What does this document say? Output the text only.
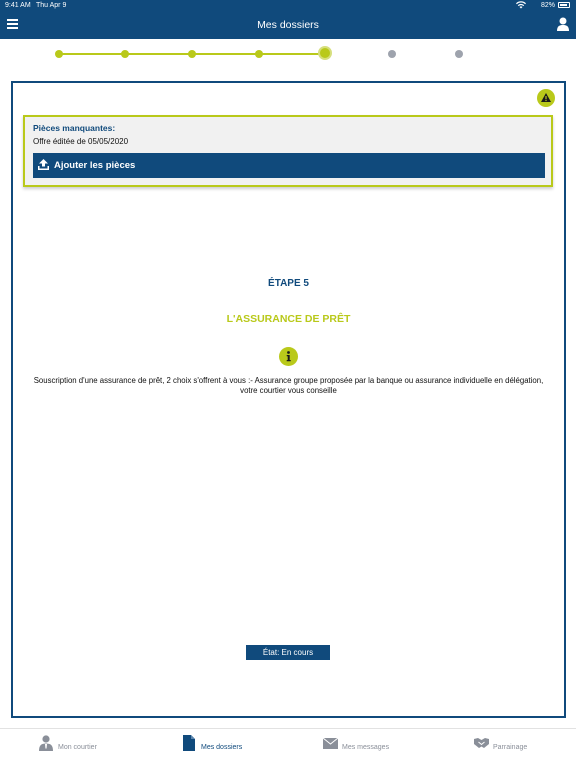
9:41 AM Thu Apr 9	82%
Mes dossiers
Pièces manquantes:
Offre éditée de 05/05/2020
Ajouter les pièces
ÉTAPE 5
L'ASSURANCE DE PRÊT
Souscription d'une assurance de prêt, 2 choix s'offrent à vous :- Assurance groupe proposée par la banque ou assurance individuelle en délégation, votre courtier vous conseille
État: En cours
Mon courtier	Mes dossiers	Mes messages	Parrainage
